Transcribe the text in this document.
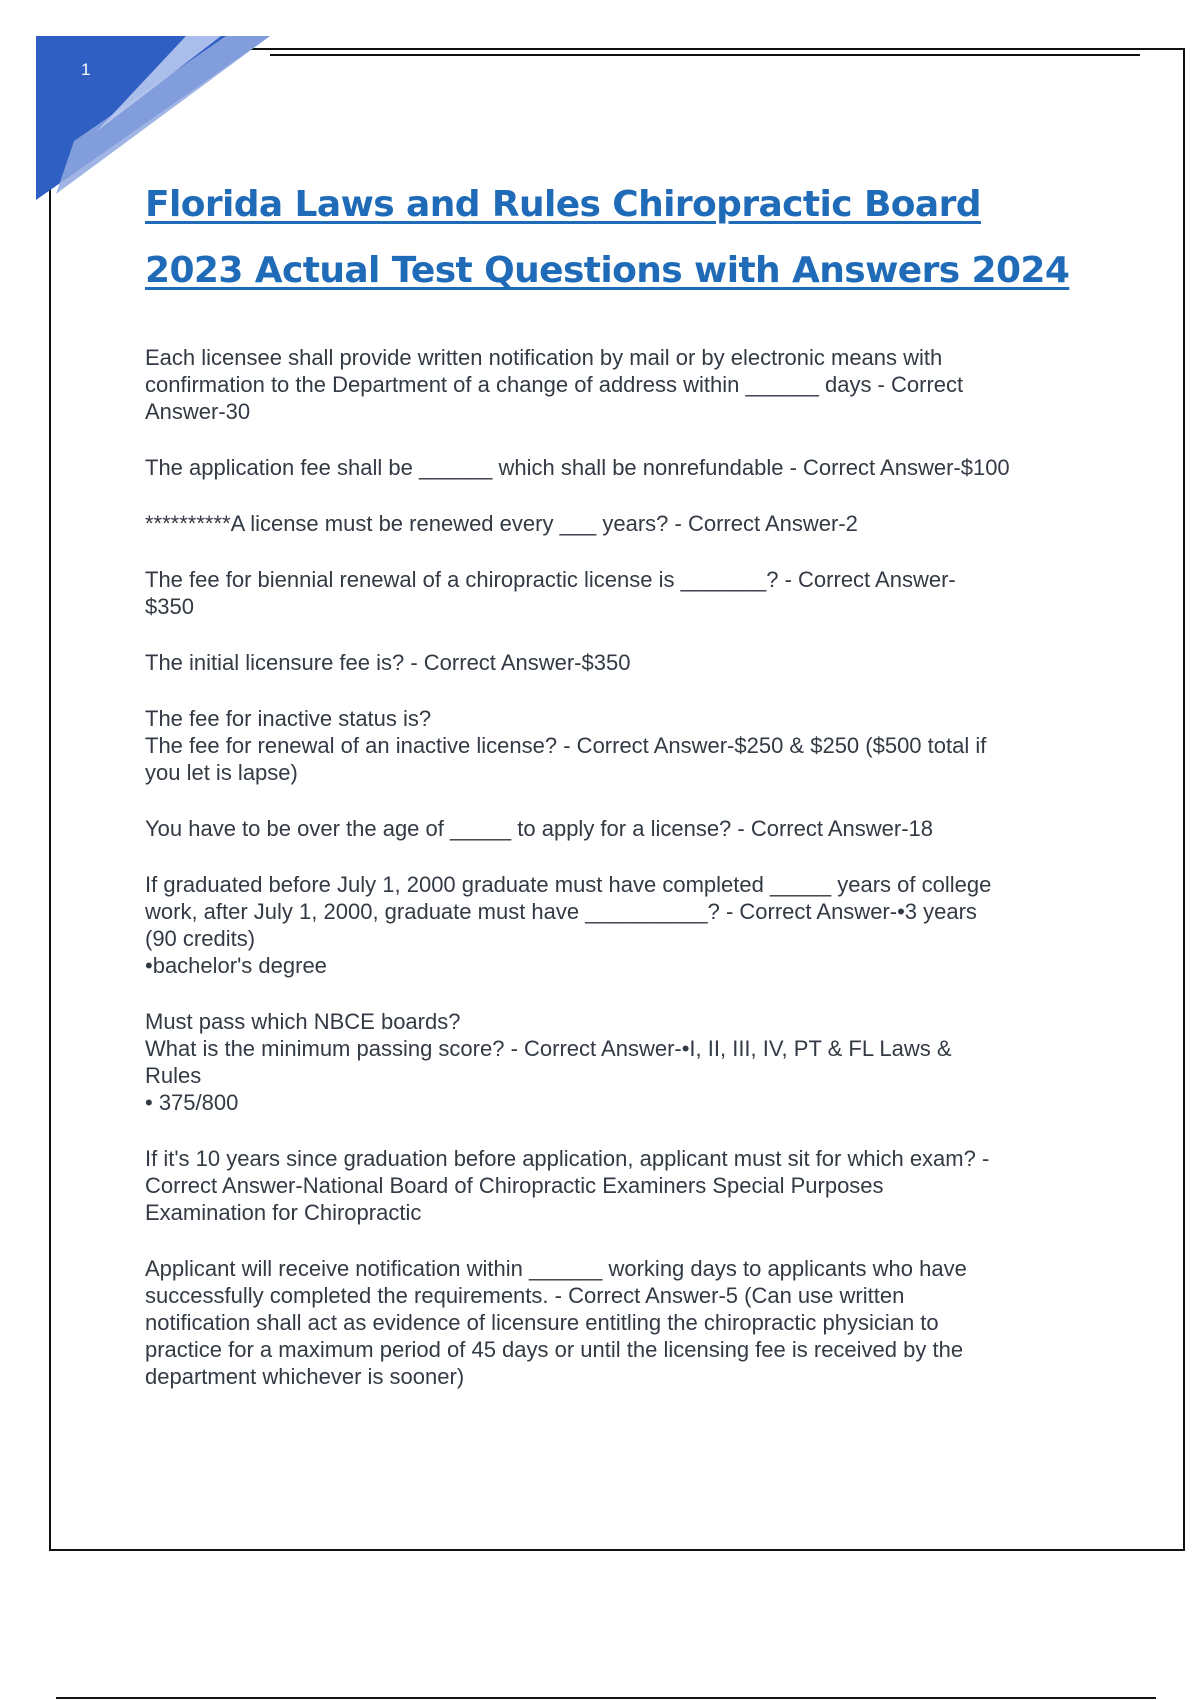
1
Florida Laws and Rules Chiropractic Board
2023 Actual Test Questions with Answers 2024

Each licensee shall provide written notification by mail or by electronic means with
confirmation to the Department of a change of address within ______ days - Correct
Answer-30

The application fee shall be ______ which shall be nonrefundable - Correct Answer-$100

**********A license must be renewed every ___ years? - Correct Answer-2

The fee for biennial renewal of a chiropractic license is _______? - Correct Answer-
$350

The initial licensure fee is? - Correct Answer-$350

The fee for inactive status is?
The fee for renewal of an inactive license? - Correct Answer-$250 & $250 ($500 total if
you let is lapse)

You have to be over the age of _____ to apply for a license? - Correct Answer-18

If graduated before July 1, 2000 graduate must have completed _____ years of college
work, after July 1, 2000, graduate must have __________? - Correct Answer-•3 years
(90 credits)
•bachelor's degree

Must pass which NBCE boards?
What is the minimum passing score? - Correct Answer-•I, II, III, IV, PT & FL Laws &
Rules
• 375/800

If it's 10 years since graduation before application, applicant must sit for which exam? -
Correct Answer-National Board of Chiropractic Examiners Special Purposes
Examination for Chiropractic

Applicant will receive notification within ______ working days to applicants who have
successfully completed the requirements. - Correct Answer-5 (Can use written
notification shall act as evidence of licensure entitling the chiropractic physician to
practice for a maximum period of 45 days or until the licensing fee is received by the
department whichever is sooner)
